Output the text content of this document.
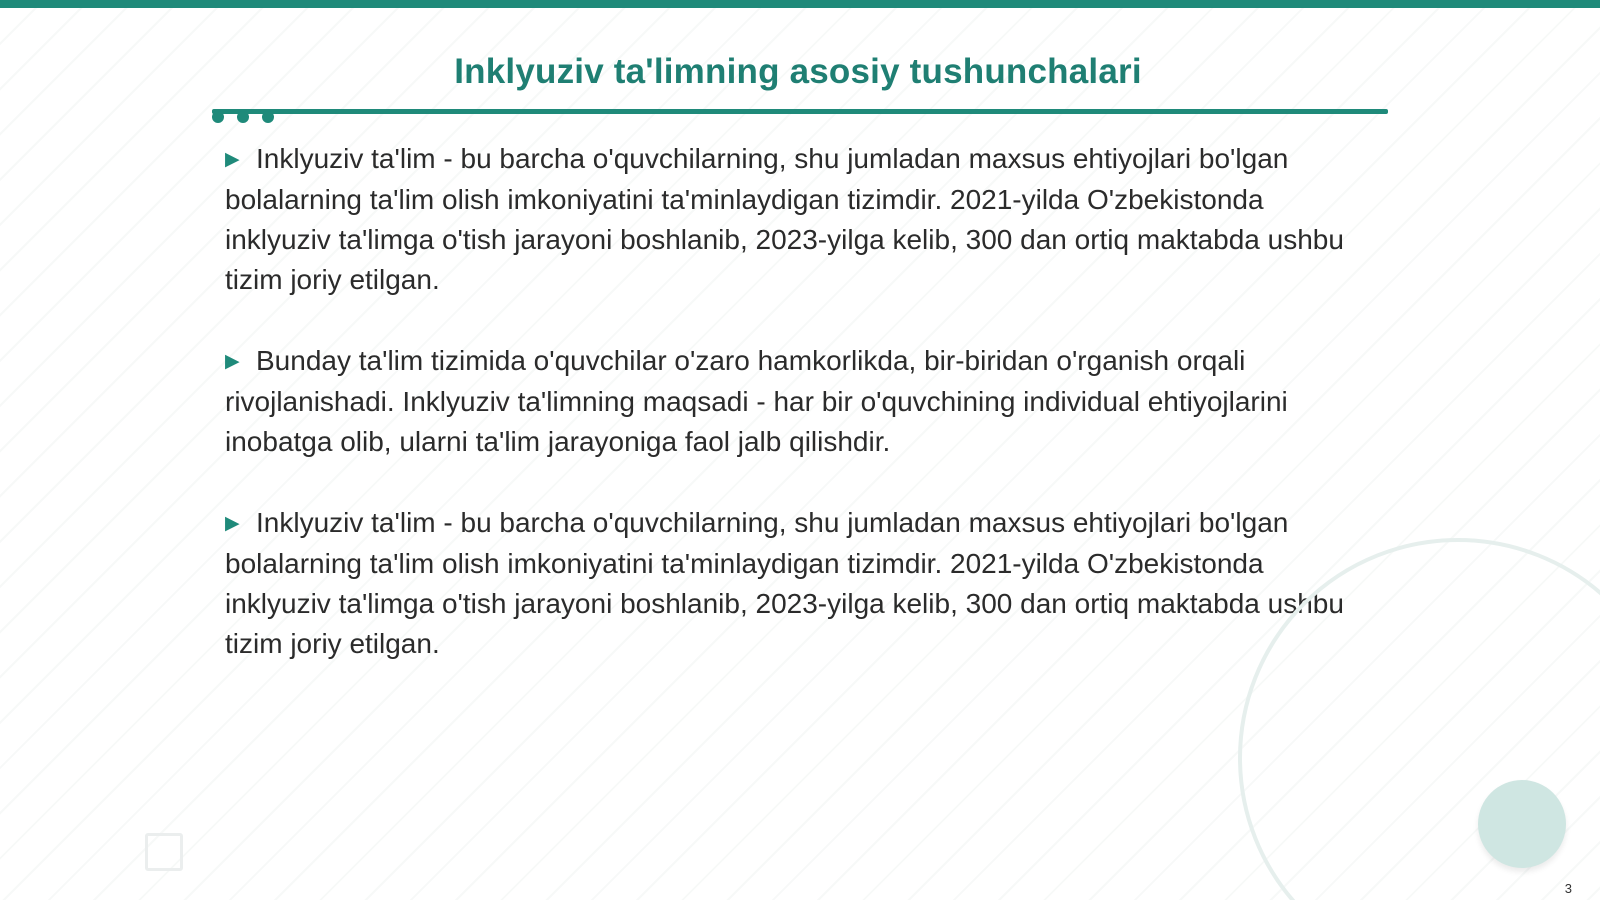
Inklyuziv ta'limning asosiy tushunchalari

▶ Inklyuziv ta'lim - bu barcha o'quvchilarning, shu jumladan maxsus ehtiyojlari bo'lgan bolalarning ta'lim olish imkoniyatini ta'minlaydigan tizimdir. 2021-yilda O'zbekistonda inklyuziv ta'limga o'tish jarayoni boshlanib, 2023-yilga kelib, 300 dan ortiq maktabda ushbu tizim joriy etilgan.

▶ Bunday ta'lim tizimida o'quvchilar o'zaro hamkorlikda, bir-biridan o'rganish orqali rivojlanishadi. Inklyuziv ta'limning maqsadi - har bir o'quvchining individual ehtiyojlarini inobatga olib, ularni ta'lim jarayoniga faol jalb qilishdir.

▶ Inklyuziv ta'lim - bu barcha o'quvchilarning, shu jumladan maxsus ehtiyojlari bo'lgan bolalarning ta'lim olish imkoniyatini ta'minlaydigan tizimdir. 2021-yilda O'zbekistonda inklyuziv ta'limga o'tish jarayoni boshlanib, 2023-yilga kelib, 300 dan ortiq maktabda ushbu tizim joriy etilgan.

3
